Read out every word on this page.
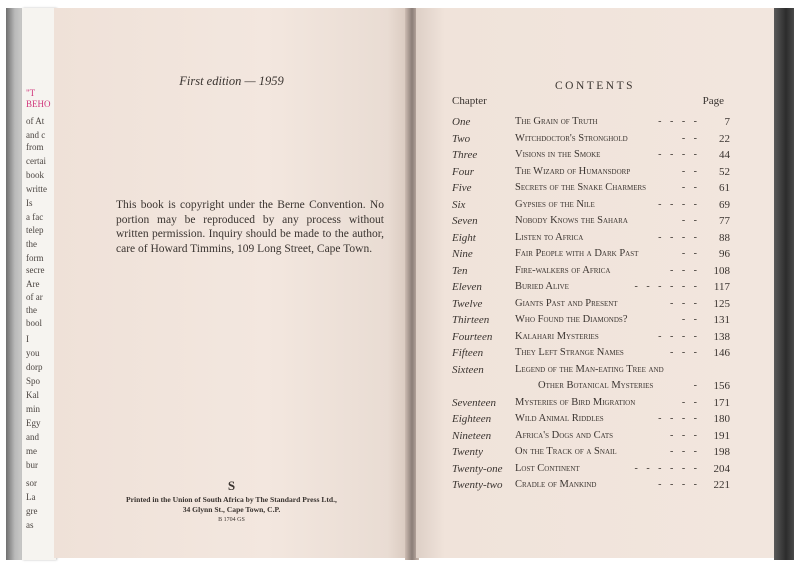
"T
BEHO
of At
and c
from
certai
book
writte
Is
a fac
telep
the
form
secre
Are
of ar
the
bool
I
you
dorp
Spo
Kal
min
Egy
and
me
bur
sor
La
gre
as
First edition — 1959
This book is copyright under the Berne Convention. No portion may be reproduced by any process without written permission. Inquiry should be made to the author, care of Howard Timmins, 109 Long Street, Cape Town.
S
Printed in the Union of South Africa by The Standard Press Ltd.,
34 Glynn St., Cape Town, C.P.
B 1704 GS
CONTENTS
Chapter	Page
One	The Grain of Truth	- - - - 7
Two	Witchdoctor's Stronghold	- - 22
Three	Visions in the Smoke	- - - - 44
Four	The Wizard of Humansdorp	- - 52
Five	Secrets of the Snake Charmers	- - 61
Six	Gypsies of the Nile	- - - - 69
Seven	Nobody Knows the Sahara	- - 77
Eight	Listen to Africa	- - - - 88
Nine	Fair People with a Dark Past	- - 96
Ten	Fire-walkers of Africa	- - - 108
Eleven	Buried Alive	- - - - - - 117
Twelve	Giants Past and Present	- - - 125
Thirteen Who Found the Diamonds?	- - 131
Fourteen Kalahari Mysteries	- - - - 138
Fifteen	They Left Strange Names	- - - 146
Sixteen	Legend of the Man-eating Tree and
Other Botanical Mysteries	- 156
Seventeen Mysteries of Bird Migration	- - 171
Eighteen Wild Animal Riddles	- - - - 180
Nineteen Africa's Dogs and Cats	- - - 191
Twenty	On the Track of a Snail	- - - 198
Twenty-one Lost Continent	- - - - - - 204
Twenty-two Cradle of Mankind	- - - - 221
